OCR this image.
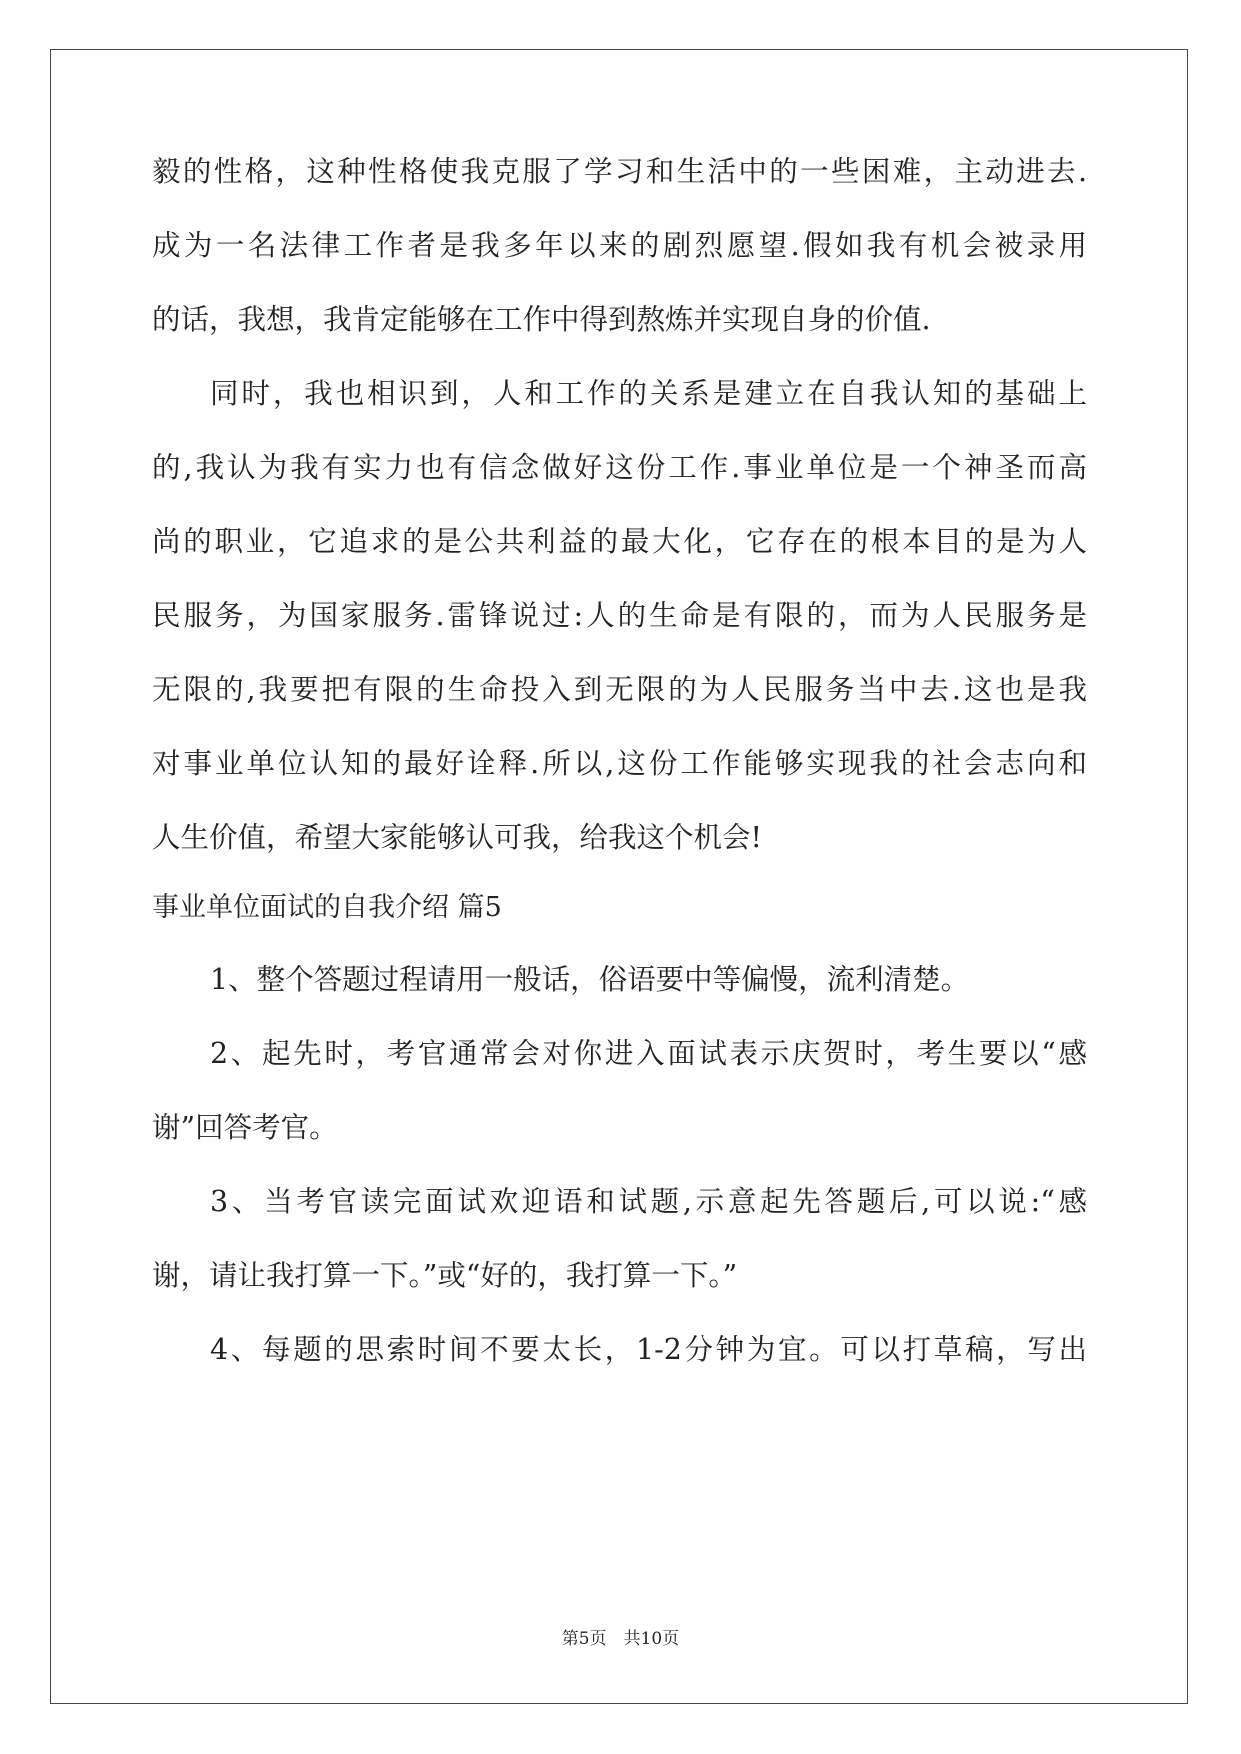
毅的性格，这种性格使我克服了学习和生活中的一些困难，主动进去.
成为一名法律工作者是我多年以来的剧烈愿望.假如我有机会被录用
的话，我想，我肯定能够在工作中得到熬炼并实现自身的价值.
同时，我也相识到，人和工作的关系是建立在自我认知的基础上
的,我认为我有实力也有信念做好这份工作.事业单位是一个神圣而高
尚的职业，它追求的是公共利益的最大化，它存在的根本目的是为人
民服务，为国家服务.雷锋说过:人的生命是有限的，而为人民服务是
无限的,我要把有限的生命投入到无限的为人民服务当中去.这也是我
对事业单位认知的最好诠释.所以,这份工作能够实现我的社会志向和
人生价值，希望大家能够认可我，给我这个机会!
事业单位面试的自我介绍 篇5
1、整个答题过程请用一般话，俗语要中等偏慢，流利清楚。
2、起先时，考官通常会对你进入面试表示庆贺时，考生要以“感
谢”回答考官。
3、当考官读完面试欢迎语和试题,示意起先答题后,可以说:“感
谢，请让我打算一下。”或“好的，我打算一下。”
4、每题的思索时间不要太长，1-2分钟为宜。可以打草稿，写出
第5页　共10页
